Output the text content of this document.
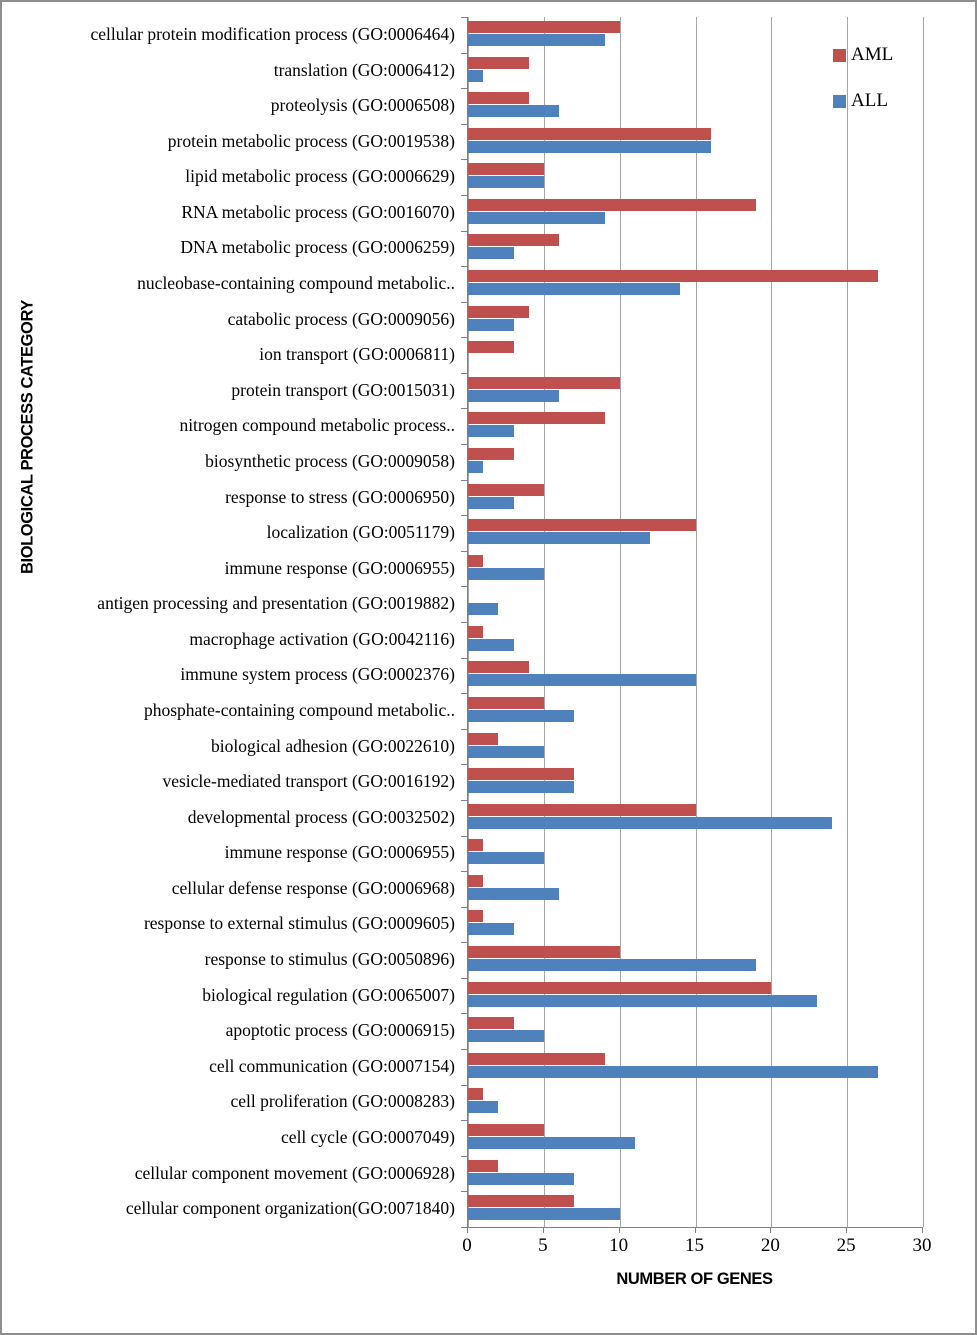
cellular protein modification process (GO:0006464)
translation (GO:0006412)
proteolysis (GO:0006508)
protein metabolic process (GO:0019538)
lipid metabolic process (GO:0006629)
RNA metabolic process (GO:0016070)
DNA metabolic process (GO:0006259)
nucleobase-containing compound metabolic..
catabolic process (GO:0009056)
ion transport (GO:0006811)
protein transport (GO:0015031)
nitrogen compound metabolic process..
biosynthetic process (GO:0009058)
response to stress (GO:0006950)
localization (GO:0051179)
immune response (GO:0006955)
antigen processing and presentation (GO:0019882)
macrophage activation (GO:0042116)
immune system process (GO:0002376)
phosphate-containing compound metabolic..
biological adhesion (GO:0022610)
vesicle-mediated transport (GO:0016192)
developmental process (GO:0032502)
immune response (GO:0006955)
cellular defense response (GO:0006968)
response to external stimulus (GO:0009605)
response to stimulus (GO:0050896)
biological regulation (GO:0065007)
apoptotic process (GO:0006915)
cell communication (GO:0007154)
cell proliferation (GO:0008283)
cell cycle (GO:0007049)
cellular component movement (GO:0006928)
cellular component organization(GO:0071840)
0	5	10	15	20	25	30
NUMBER OF GENES
BIOLOGICAL PROCESS CATEGORY
AML
ALL
